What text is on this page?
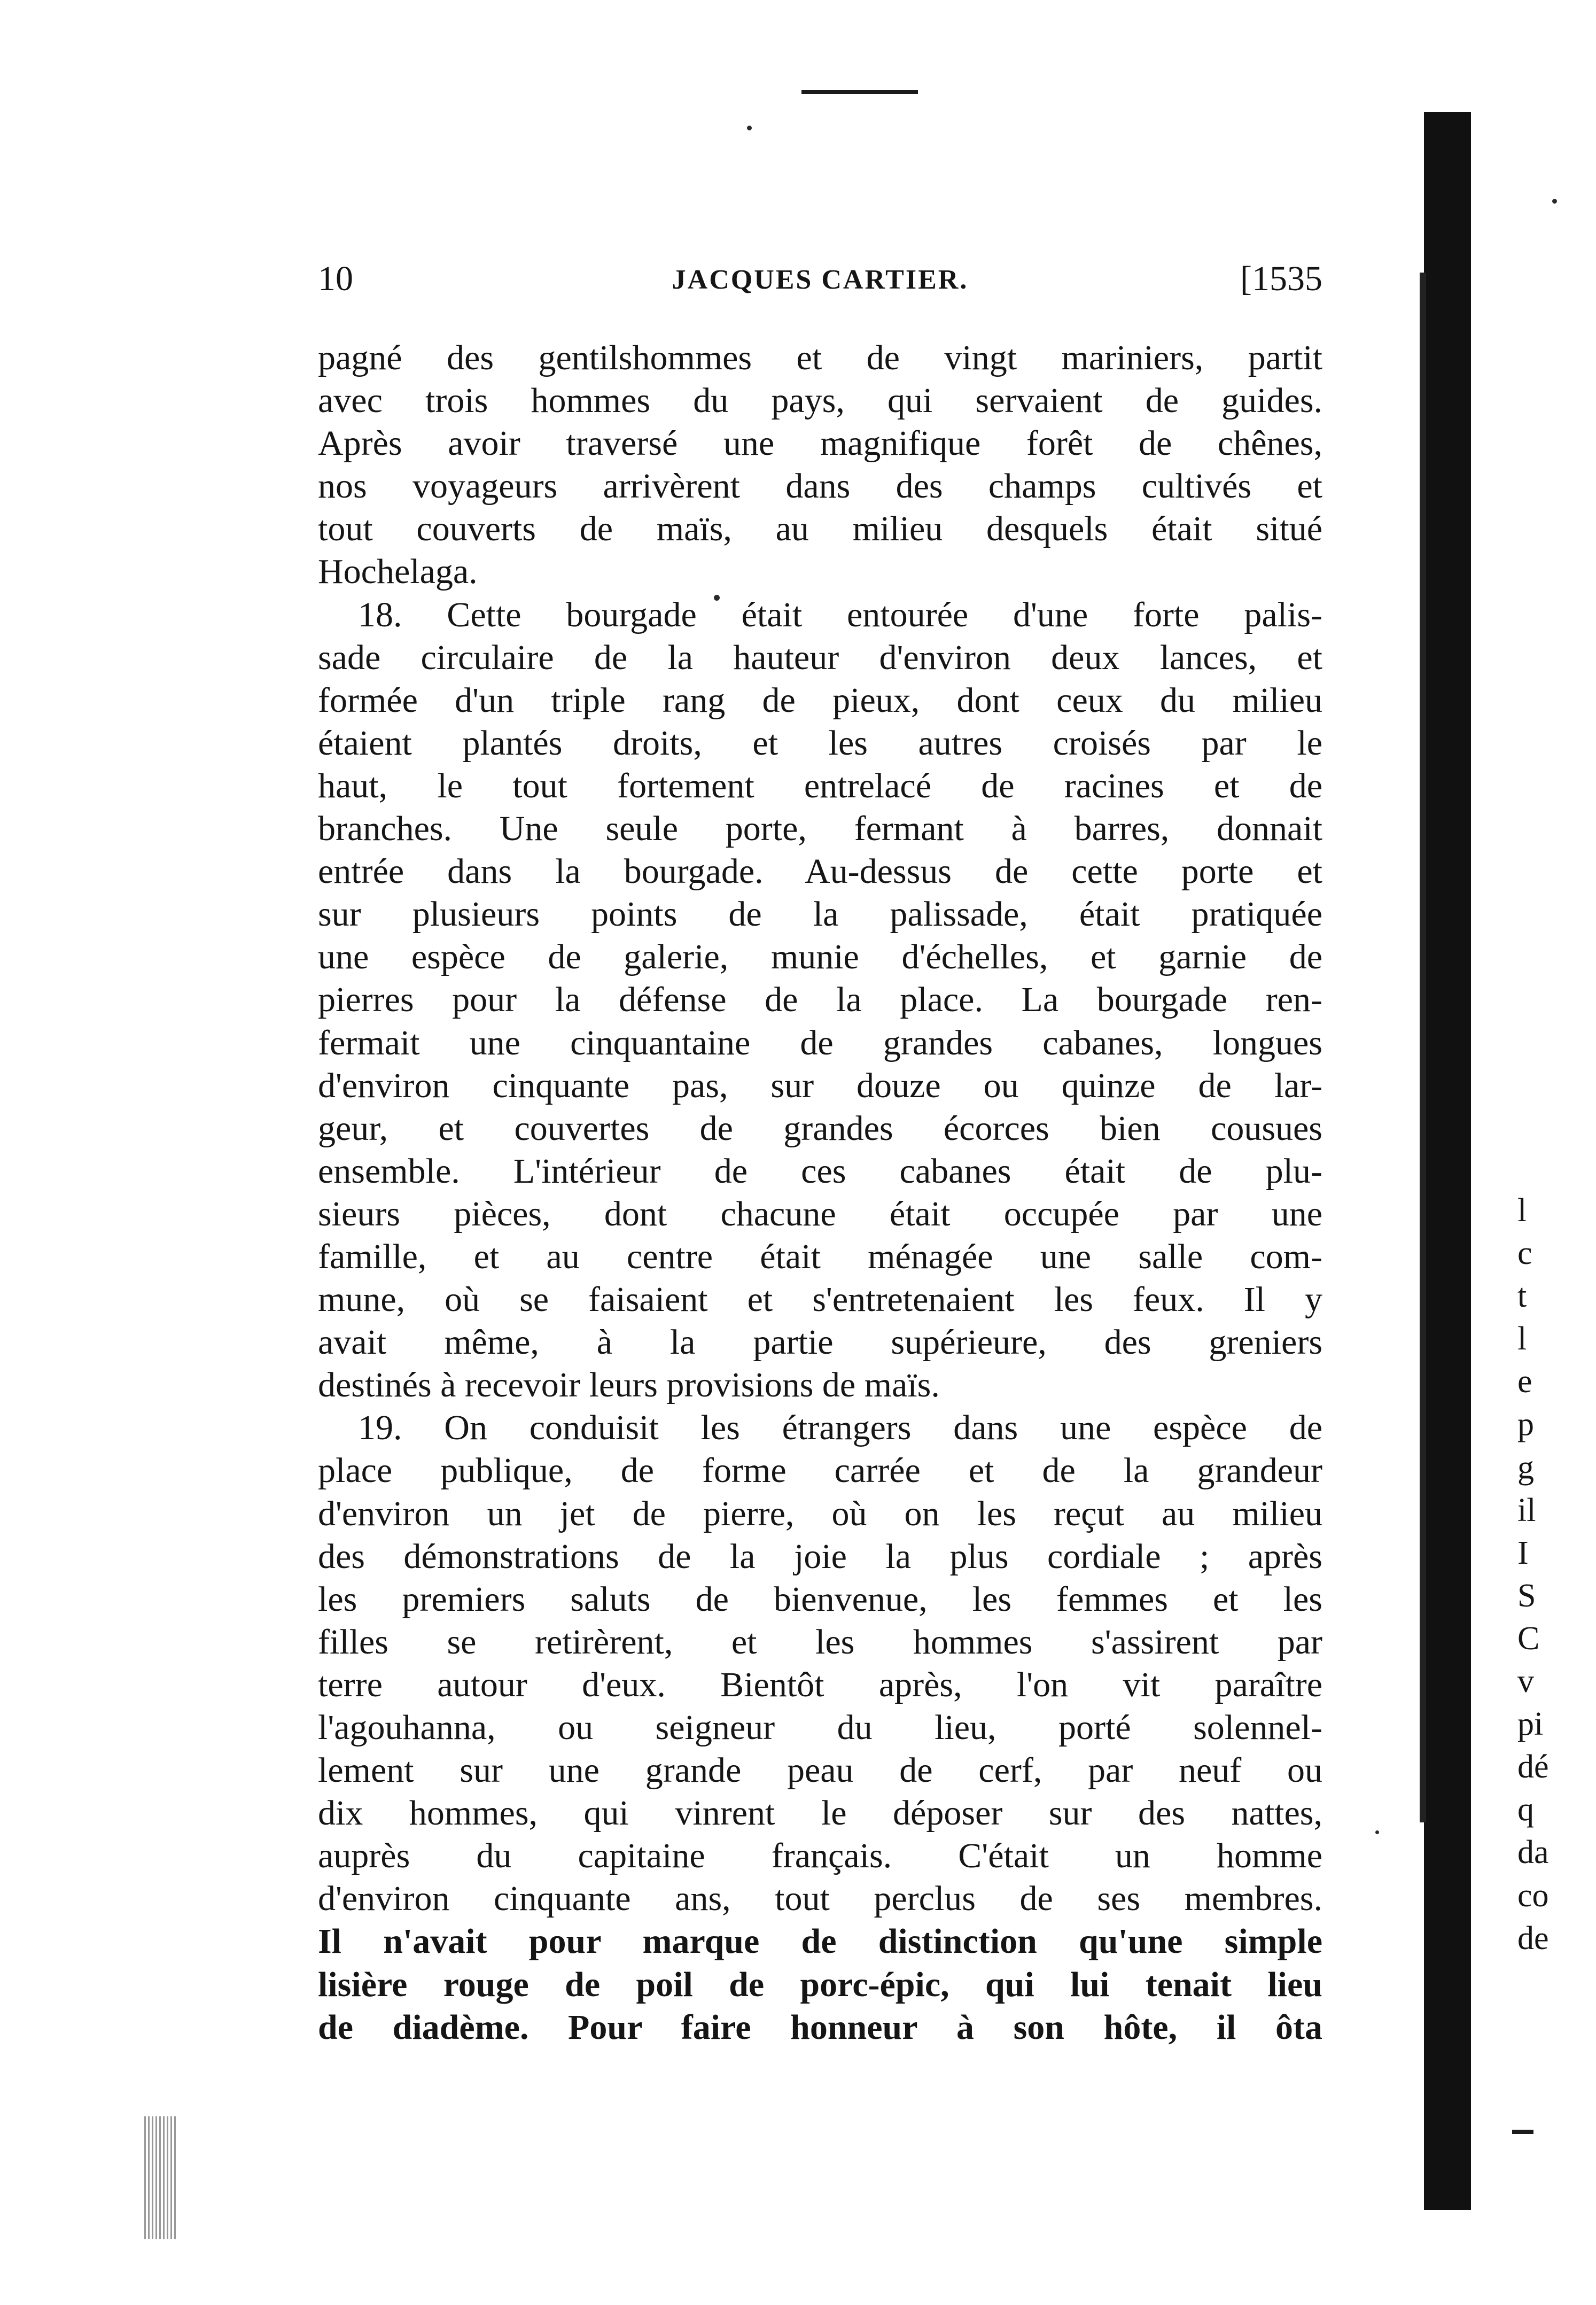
10	JACQUES CARTIER.	[1535
pagné des gentilshommes et de vingt mariniers, partit
avec trois hommes du pays, qui servaient de guides.
Après avoir traversé une magnifique forêt de chênes,
nos voyageurs arrivèrent dans des champs cultivés et
tout couverts de maïs, au milieu desquels était situé
Hochelaga.
18. Cette bourgade était entourée d'une forte palis-
sade circulaire de la hauteur d'environ deux lances, et
formée d'un triple rang de pieux, dont ceux du milieu
étaient plantés droits, et les autres croisés par le
haut, le tout fortement entrelacé de racines et de
branches. Une seule porte, fermant à barres, donnait
entrée dans la bourgade. Au-dessus de cette porte et
sur plusieurs points de la palissade, était pratiquée
une espèce de galerie, munie d'échelles, et garnie de
pierres pour la défense de la place. La bourgade ren-
fermait une cinquantaine de grandes cabanes, longues
d'environ cinquante pas, sur douze ou quinze de lar-
geur, et couvertes de grandes écorces bien cousues
ensemble. L'intérieur de ces cabanes était de plu-
sieurs pièces, dont chacune était occupée par une
famille, et au centre était ménagée une salle com-
mune, où se faisaient et s'entretenaient les feux. Il y
avait même, à la partie supérieure, des greniers
destinés à recevoir leurs provisions de maïs.
19. On conduisit les étrangers dans une espèce de
place publique, de forme carrée et de la grandeur
d'environ un jet de pierre, où on les reçut au milieu
des démonstrations de la joie la plus cordiale ; après
les premiers saluts de bienvenue, les femmes et les
filles se retirèrent, et les hommes s'assirent par
terre autour d'eux. Bientôt après, l'on vit paraître
l'agouhanna, ou seigneur du lieu, porté solennel-
lement sur une grande peau de cerf, par neuf ou
dix hommes, qui vinrent le déposer sur des nattes,
auprès du capitaine français. C'était un homme
d'environ cinquante ans, tout perclus de ses membres.
Il n'avait pour marque de distinction qu'une simple
lisière rouge de poil de porc-épic, qui lui tenait lieu
de diadème. Pour faire honneur à son hôte, il ôta
l
c
t
l
e
p
g
il
I
S
C
v
pi
dé
q
da
co
de
